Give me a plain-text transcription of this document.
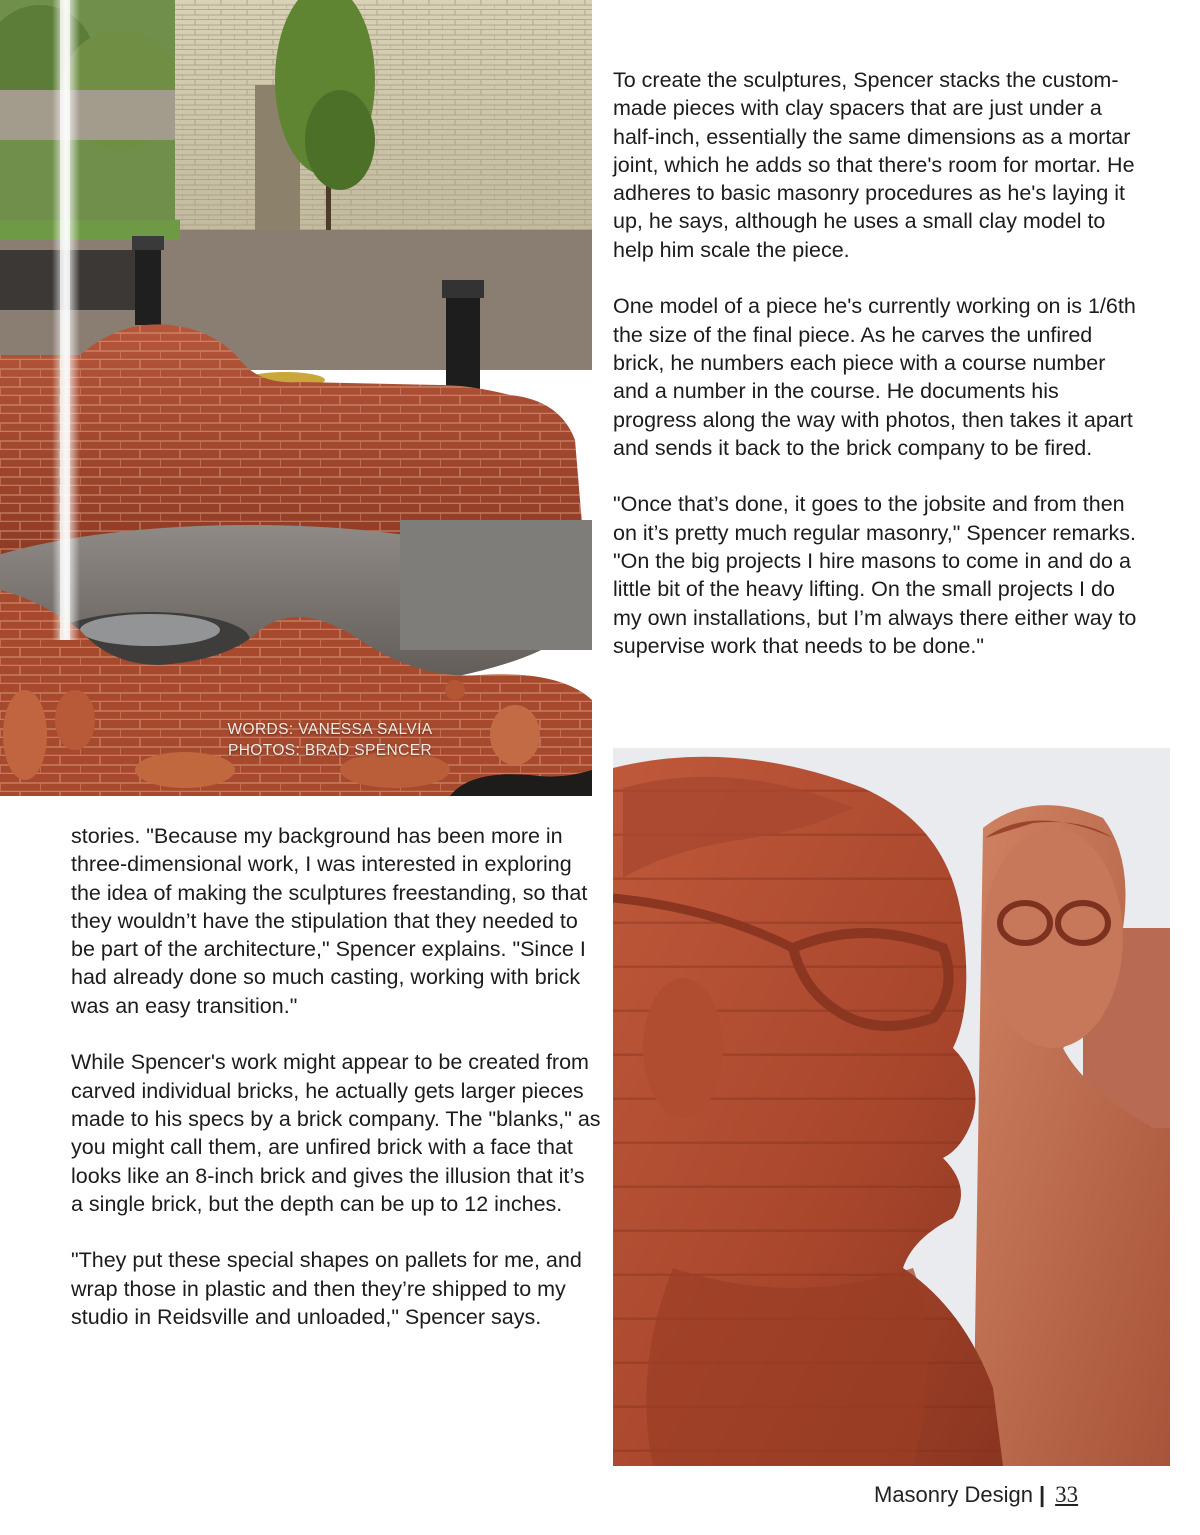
WORDS: VANESSA SALVIA
PHOTOS: BRAD SPENCER

To create the sculptures, Spencer stacks the custom-made pieces with clay spacers that are just under a half-inch, essentially the same dimensions as a mortar joint, which he adds so that there's room for mortar. He adheres to basic masonry procedures as he's laying it up, he says, although he uses a small clay model to help him scale the piece.

One model of a piece he's currently working on is 1/6th the size of the final piece. As he carves the unfired brick, he numbers each piece with a course number and a number in the course. He documents his progress along the way with photos, then takes it apart and sends it back to the brick company to be fired.

"Once that’s done, it goes to the jobsite and from then on it’s pretty much regular masonry," Spencer remarks. "On the big projects I hire masons to come in and do a little bit of the heavy lifting. On the small projects I do my own installations, but I’m always there either way to supervise work that needs to be done."

stories. "Because my background has been more in three-dimensional work, I was interested in exploring the idea of making the sculptures freestanding, so that they wouldn’t have the stipulation that they needed to be part of the architecture," Spencer explains. "Since I had already done so much casting, working with brick was an easy transition."

While Spencer's work might appear to be created from carved individual bricks, he actually gets larger pieces made to his specs by a brick company. The "blanks," as you might call them, are unfired brick with a face that looks like an 8-inch brick and gives the illusion that it’s a single brick, but the depth can be up to 12 inches.

"They put these special shapes on pallets for me, and wrap those in plastic and then they’re shipped to my studio in Reidsville and unloaded," Spencer says.

Masonry Design | 33
